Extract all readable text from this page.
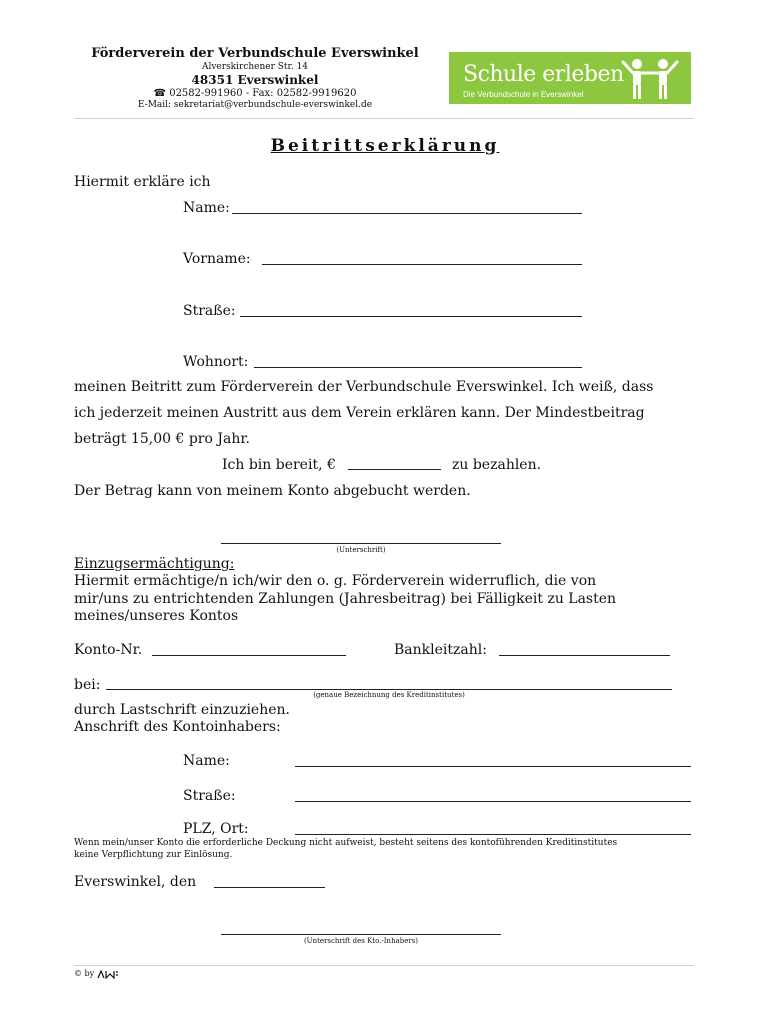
Förderverein der Verbundschule Everswinkel
Alverskirchener Str. 14
48351 Everswinkel
☎ 02582-991960 - Fax: 02582-9919620
E-Mail: sekretariat@verbundschule-everswinkel.de
Schule erleben
Die Verbundschule in Everswinkel
Beitrittserklärung
Hiermit erkläre ich
Name:
Vorname:
Straße:
Wohnort:
meinen Beitritt zum Förderverein der Verbundschule Everswinkel. Ich weiß, dass
ich jederzeit meinen Austritt aus dem Verein erklären kann. Der Mindestbeitrag
beträgt 15,00 € pro Jahr.
Ich bin bereit, €	zu bezahlen.
Der Betrag kann von meinem Konto abgebucht werden.
(Unterschrift)
Einzugsermächtigung:
Hiermit ermächtige/n ich/wir den o. g. Förderverein widerruflich, die von
mir/uns zu entrichtenden Zahlungen (Jahresbeitrag) bei Fälligkeit zu Lasten
meines/unseres Kontos
Konto-Nr.	Bankleitzahl:
bei:
(genaue Bezeichnung des Kreditinstitutes)
durch Lastschrift einzuziehen.
Anschrift des Kontoinhabers:
Name:
Straße:
PLZ, Ort:
Wenn mein/unser Konto die erforderliche Deckung nicht aufweist, besteht seitens des kontoführenden Kreditinstitutes
keine Verpflichtung zur Einlösung.
Everswinkel, den
(Unterschrift des Kto.-Inhabers)
© by
